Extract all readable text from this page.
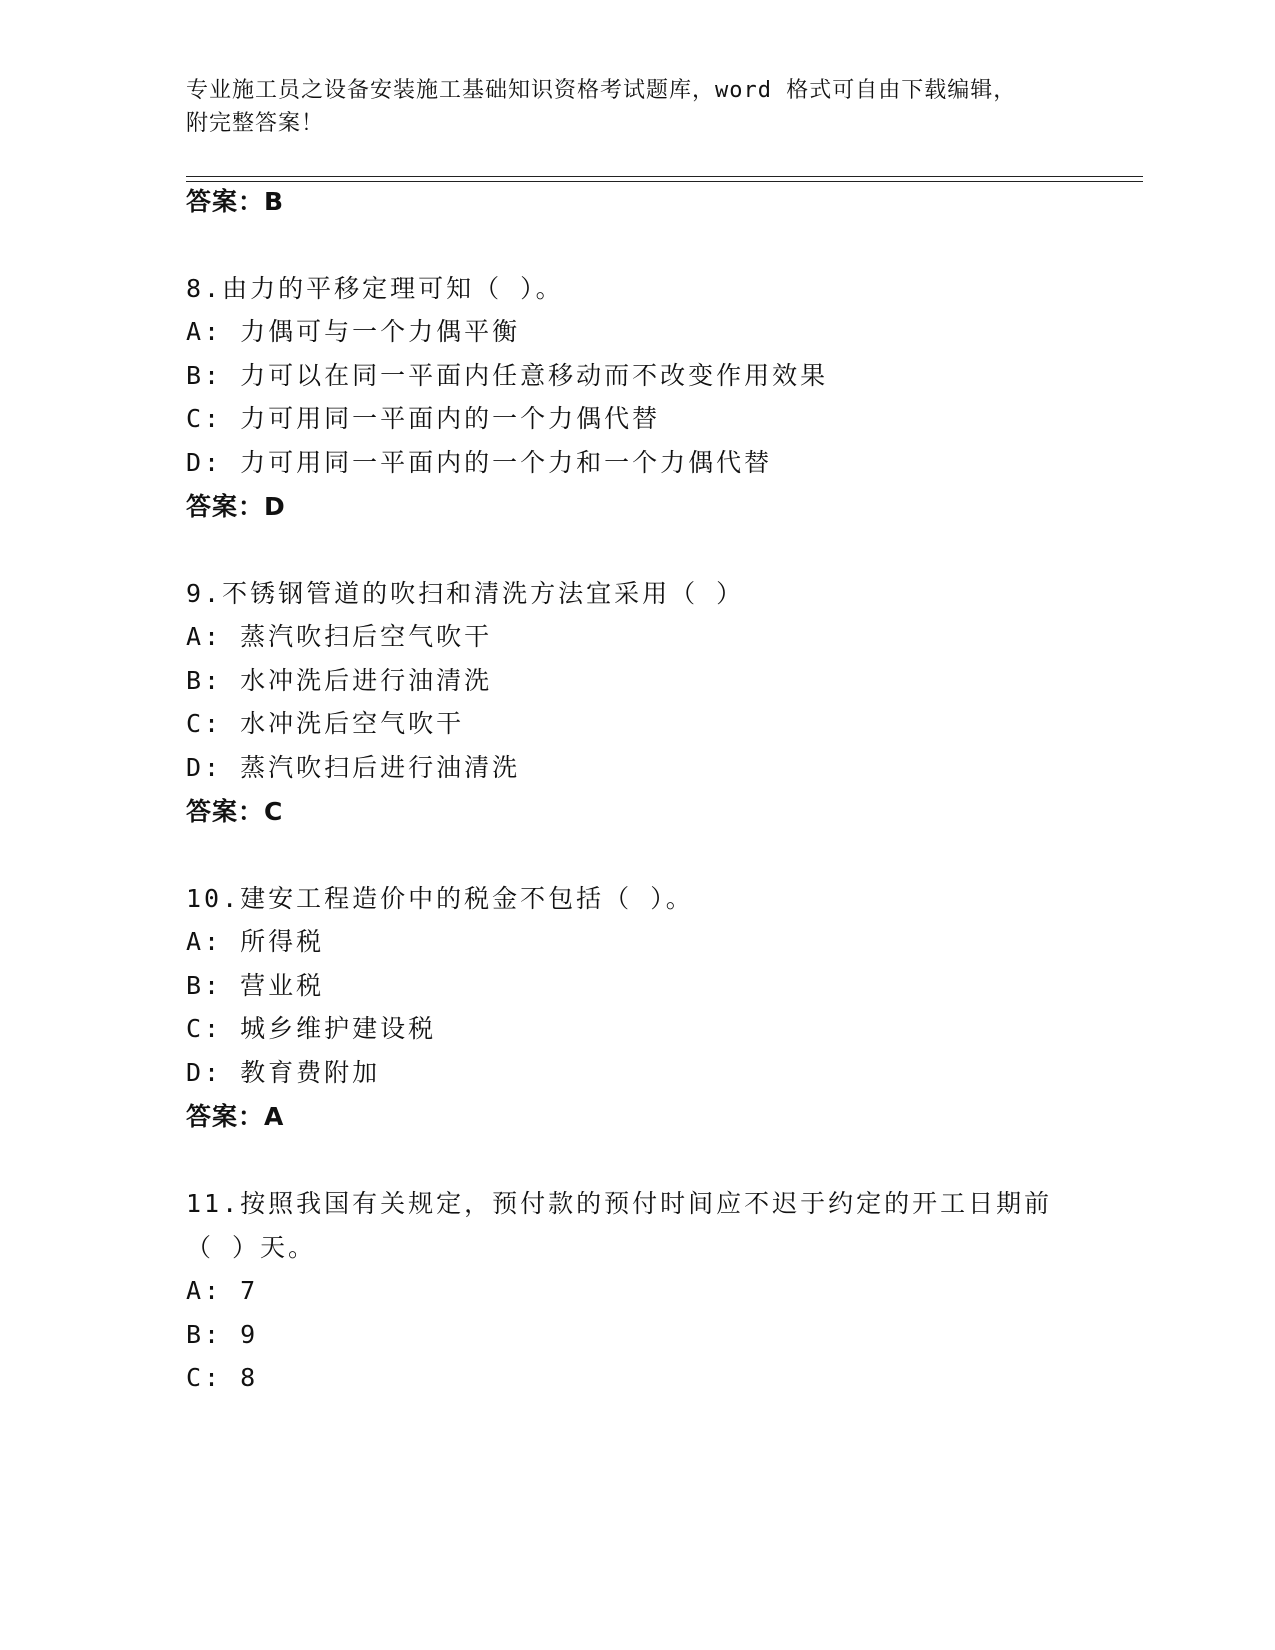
专业施工员之设备安装施工基础知识资格考试题库，word 格式可自由下载编辑，
附完整答案！
答案：B
8.由力的平移定理可知（ ）。
A: 力偶可与一个力偶平衡
B: 力可以在同一平面内任意移动而不改变作用效果
C: 力可用同一平面内的一个力偶代替
D: 力可用同一平面内的一个力和一个力偶代替
答案：D
9.不锈钢管道的吹扫和清洗方法宜采用（ ）
A: 蒸汽吹扫后空气吹干
B: 水冲洗后进行油清洗
C: 水冲洗后空气吹干
D: 蒸汽吹扫后进行油清洗
答案：C
10.建安工程造价中的税金不包括（ ）。
A: 所得税
B: 营业税
C: 城乡维护建设税
D: 教育费附加
答案：A
11.按照我国有关规定，预付款的预付时间应不迟于约定的开工日期前
（ ）天。
A: 7
B: 9
C: 8
